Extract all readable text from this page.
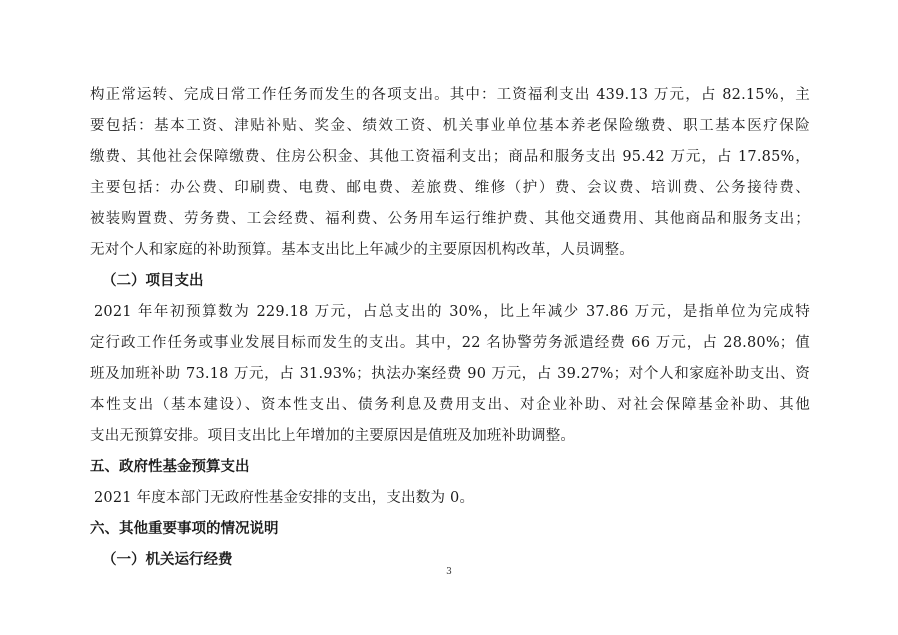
构正常运转、完成日常工作任务而发生的各项支出。其中：工资福利支出 439.13 万元，占 82.15%，主
要包括：基本工资、津贴补贴、奖金、绩效工资、机关事业单位基本养老保险缴费、职工基本医疗保险
缴费、其他社会保障缴费、住房公积金、其他工资福利支出；商品和服务支出 95.42 万元，占 17.85%，
主要包括：办公费、印刷费、电费、邮电费、差旅费、维修（护）费、会议费、培训费、公务接待费、
被装购置费、劳务费、工会经费、福利费、公务用车运行维护费、其他交通费用、其他商品和服务支出；
无对个人和家庭的补助预算。基本支出比上年减少的主要原因机构改革，人员调整。
（二）项目支出
2021 年年初预算数为 229.18 万元，占总支出的 30%，比上年减少 37.86 万元，是指单位为完成特
定行政工作任务或事业发展目标而发生的支出。其中，22 名协警劳务派遣经费 66 万元，占 28.80%；值
班及加班补助 73.18 万元，占 31.93%；执法办案经费 90 万元，占 39.27%；对个人和家庭补助支出、资
本性支出（基本建设）、资本性支出、债务利息及费用支出、对企业补助、对社会保障基金补助、其他
支出无预算安排。项目支出比上年增加的主要原因是值班及加班补助调整。
五、政府性基金预算支出
2021 年度本部门无政府性基金安排的支出，支出数为 0。
六、其他重要事项的情况说明
（一）机关运行经费
3
